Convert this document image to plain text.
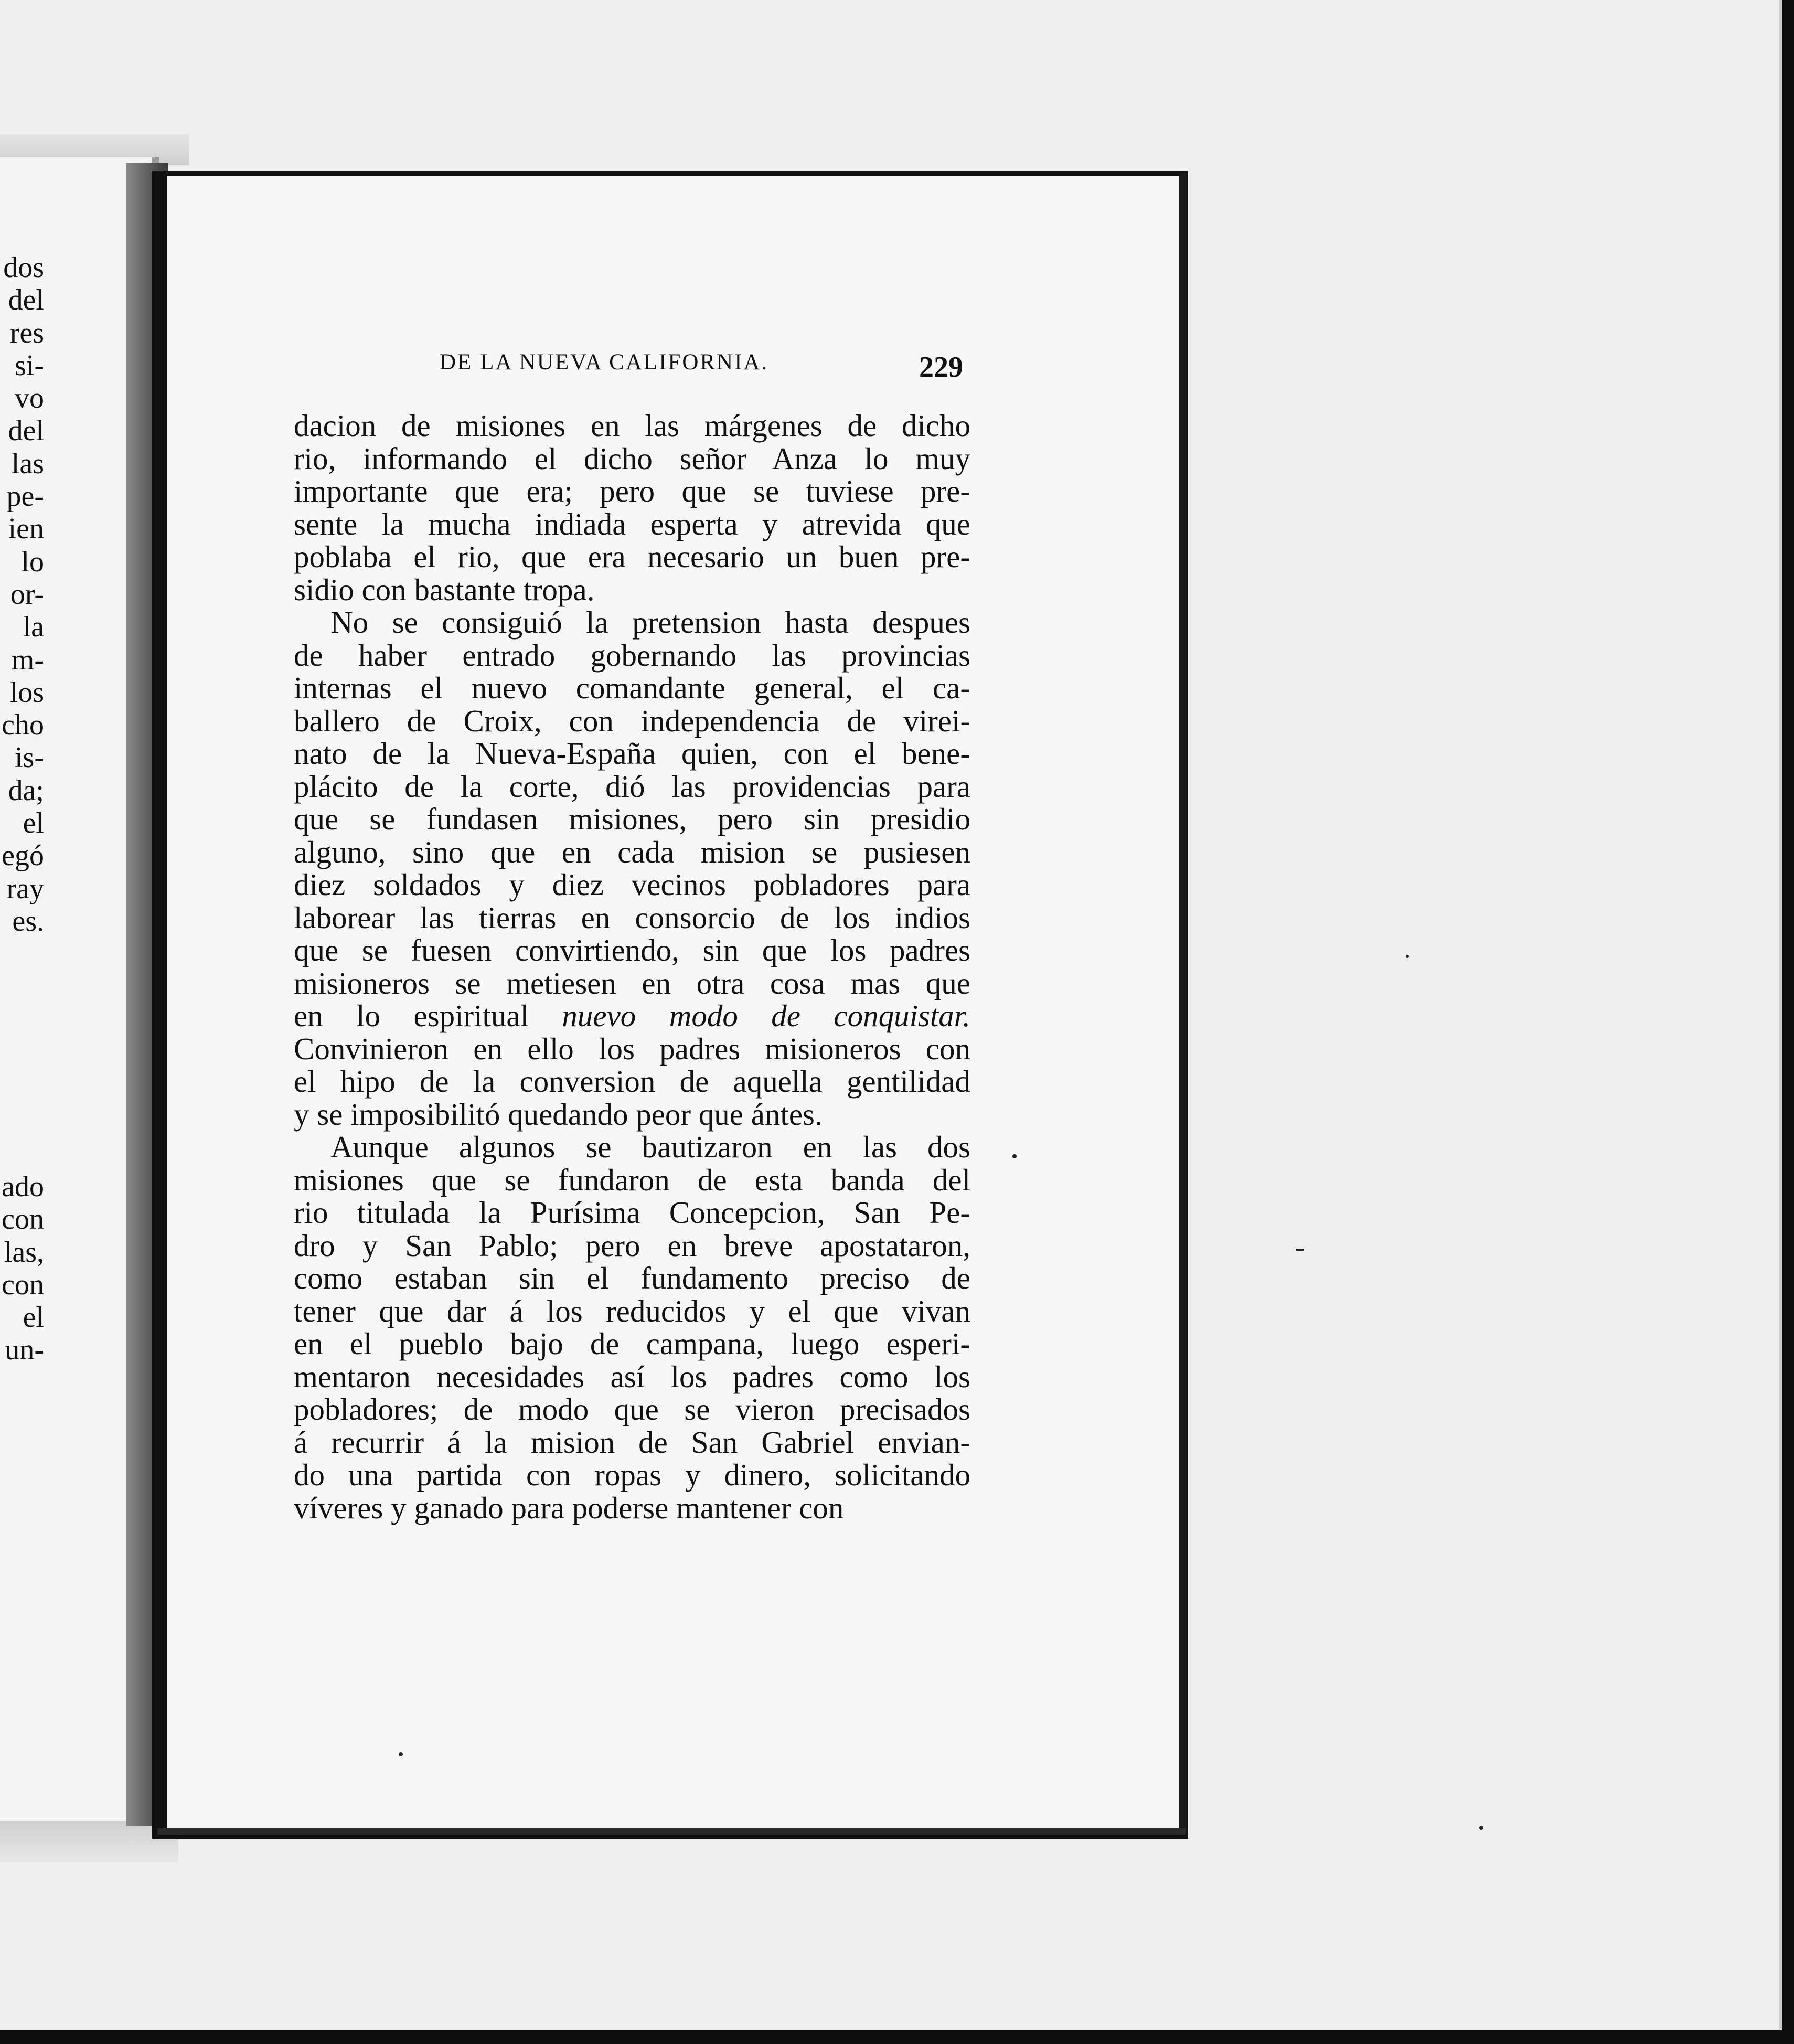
dos
del
res
si-
vo
del
las
pe-
ien
lo
or-
la
m-
los
cho
is-
da;
el
egó
ray
es.
ado
con
las,
con
el
un-
DE LA NUEVA CALIFORNIA.	229
dacion de misiones en las márgenes de dicho
rio, informando el dicho señor Anza lo muy
importante que era; pero que se tuviese pre-
sente la mucha indiada esperta y atrevida que
poblaba el rio, que era necesario un buen pre-
sidio con bastante tropa.
No se consiguió la pretension hasta despues
de haber entrado gobernando las provincias
internas el nuevo comandante general, el ca-
ballero de Croix, con independencia de virei-
nato de la Nueva-España quien, con el bene-
plácito de la corte, dió las providencias para
que se fundasen misiones, pero sin presidio
alguno, sino que en cada mision se pusiesen
diez soldados y diez vecinos pobladores para
laborear las tierras en consorcio de los indios
que se fuesen convirtiendo, sin que los padres
misioneros se metiesen en otra cosa mas que
en lo espiritual nuevo modo de conquistar.
Convinieron en ello los padres misioneros con
el hipo de la conversion de aquella gentilidad
y se imposibilitó quedando peor que ántes.
Aunque algunos se bautizaron en las dos
misiones que se fundaron de esta banda del
rio titulada la Purísima Concepcion, San Pe-
dro y San Pablo; pero en breve apostataron,
como estaban sin el fundamento preciso de
tener que dar á los reducidos y el que vivan
en el pueblo bajo de campana, luego esperi-
mentaron necesidades así los padres como los
pobladores; de modo que se vieron precisados
á recurrir á la mision de San Gabriel envian-
do una partida con ropas y dinero, solicitando
víveres y ganado para poderse mantener con
